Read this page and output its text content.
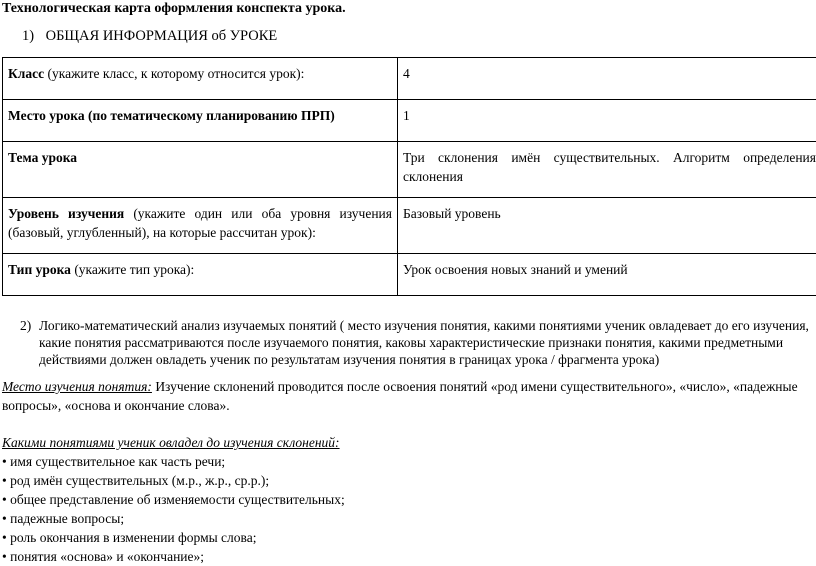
Технологическая карта оформления конспекта урока.
1) ОБЩАЯ ИНФОРМАЦИЯ об УРОКЕ
Класс (укажите класс, к которому относится урок):	4
Место урока (по тематическому планированию ПРП)	1
Тема урока	Три склонения имён существительных. Алгоритм определения склонения
Уровень изучения (укажите один или оба уровня изучения (базовый, углубленный), на которые рассчитан урок):	Базовый уровень
Тип урока (укажите тип урока):	Урок освоения новых знаний и умений
2) Логико-математический анализ изучаемых понятий ( место изучения понятия, какими понятиями ученик овладевает до его изучения, какие понятия рассматриваются после изучаемого понятия, каковы характеристические признаки понятия, какими предметными действиями должен овладеть ученик по результатам изучения понятия в границах урока / фрагмента урока)
Место изучения понятия: Изучение склонений проводится после освоения понятий «род имени существительного», «число», «падежные вопросы», «основа и окончание слова».
Какими понятиями ученик овладел до изучения склонений:
• имя существительное как часть речи;
• род имён существительных (м.р., ж.р., ср.р.);
• общее представление об изменяемости существительных;
• падежные вопросы;
• роль окончания в изменении формы слова;
• понятия «основа» и «окончание»;
